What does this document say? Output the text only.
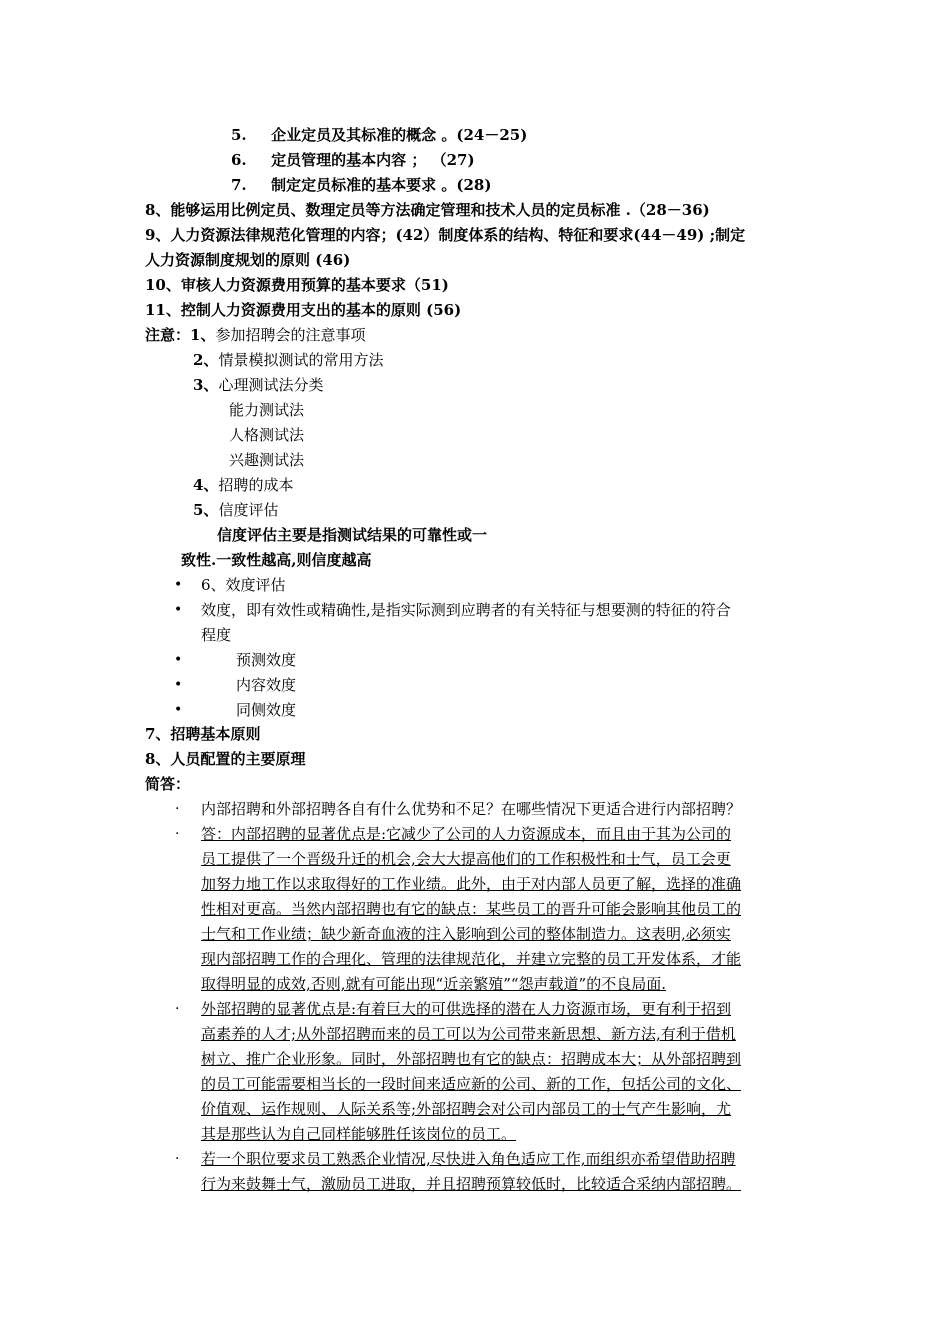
5. 企业定员及其标准的概念 。(24－25)
6. 定员管理的基本内容 ； （27)
7. 制定定员标准的基本要求 。(28)
8、能够运用比例定员、数理定员等方法确定管理和技术人员的定员标准 .（28－36)
9、人力资源法律规范化管理的内容；(42）制度体系的结构、特征和要求(44－49) ;制定
人力资源制度规划的原则 (46)
10、审核人力资源费用预算的基本要求（51)
11、控制人力资源费用支出的基本的原则 (56)
注意：1、参加招聘会的注意事项
2、情景模拟测试的常用方法
3、心理测试法分类
能力测试法
人格测试法
兴趣测试法
4、招聘的成本
5、信度评估
信度评估主要是指测试结果的可靠性或一
致性.一致性越高,则信度越高
• 6、效度评估
• 效度，即有效性或精确性,是指实际测到应聘者的有关特征与想要测的特征的符合
程度
•	预测效度
•	内容效度
•	同侧效度
7、招聘基本原则
8、人员配置的主要原理
简答：
· 内部招聘和外部招聘各自有什么优势和不足？在哪些情况下更适合进行内部招聘？
· 答：内部招聘的显著优点是:它减少了公司的人力资源成本，而且由于其为公司的
员工提供了一个晋级升迁的机会,会大大提高他们的工作积极性和士气，员工会更
加努力地工作以求取得好的工作业绩。此外，由于对内部人员更了解，选择的准确
性相对更高。当然内部招聘也有它的缺点：某些员工的晋升可能会影响其他员工的
士气和工作业绩；缺少新奇血液的注入影响到公司的整体制造力。这表明,必须实
现内部招聘工作的合理化、管理的法律规范化，并建立完整的员工开发体系，才能
取得明显的成效,否则,就有可能出现“近亲繁殖”“怨声载道”的不良局面.
· 外部招聘的显著优点是:有着巨大的可供选择的潜在人力资源市场，更有利于招到
高素养的人才;从外部招聘而来的员工可以为公司带来新思想、新方法,有利于借机
树立、推广企业形象。同时，外部招聘也有它的缺点：招聘成本大；从外部招聘到
的员工可能需要相当长的一段时间来适应新的公司、新的工作，包括公司的文化、
价值观、运作规则、人际关系等;外部招聘会对公司内部员工的士气产生影响，尤
其是那些认为自己同样能够胜任该岗位的员工。
· 若一个职位要求员工熟悉企业情况,尽快进入角色适应工作,而组织亦希望借助招聘
行为来鼓舞士气，激励员工进取，并且招聘预算较低时，比较适合采纳内部招聘。
